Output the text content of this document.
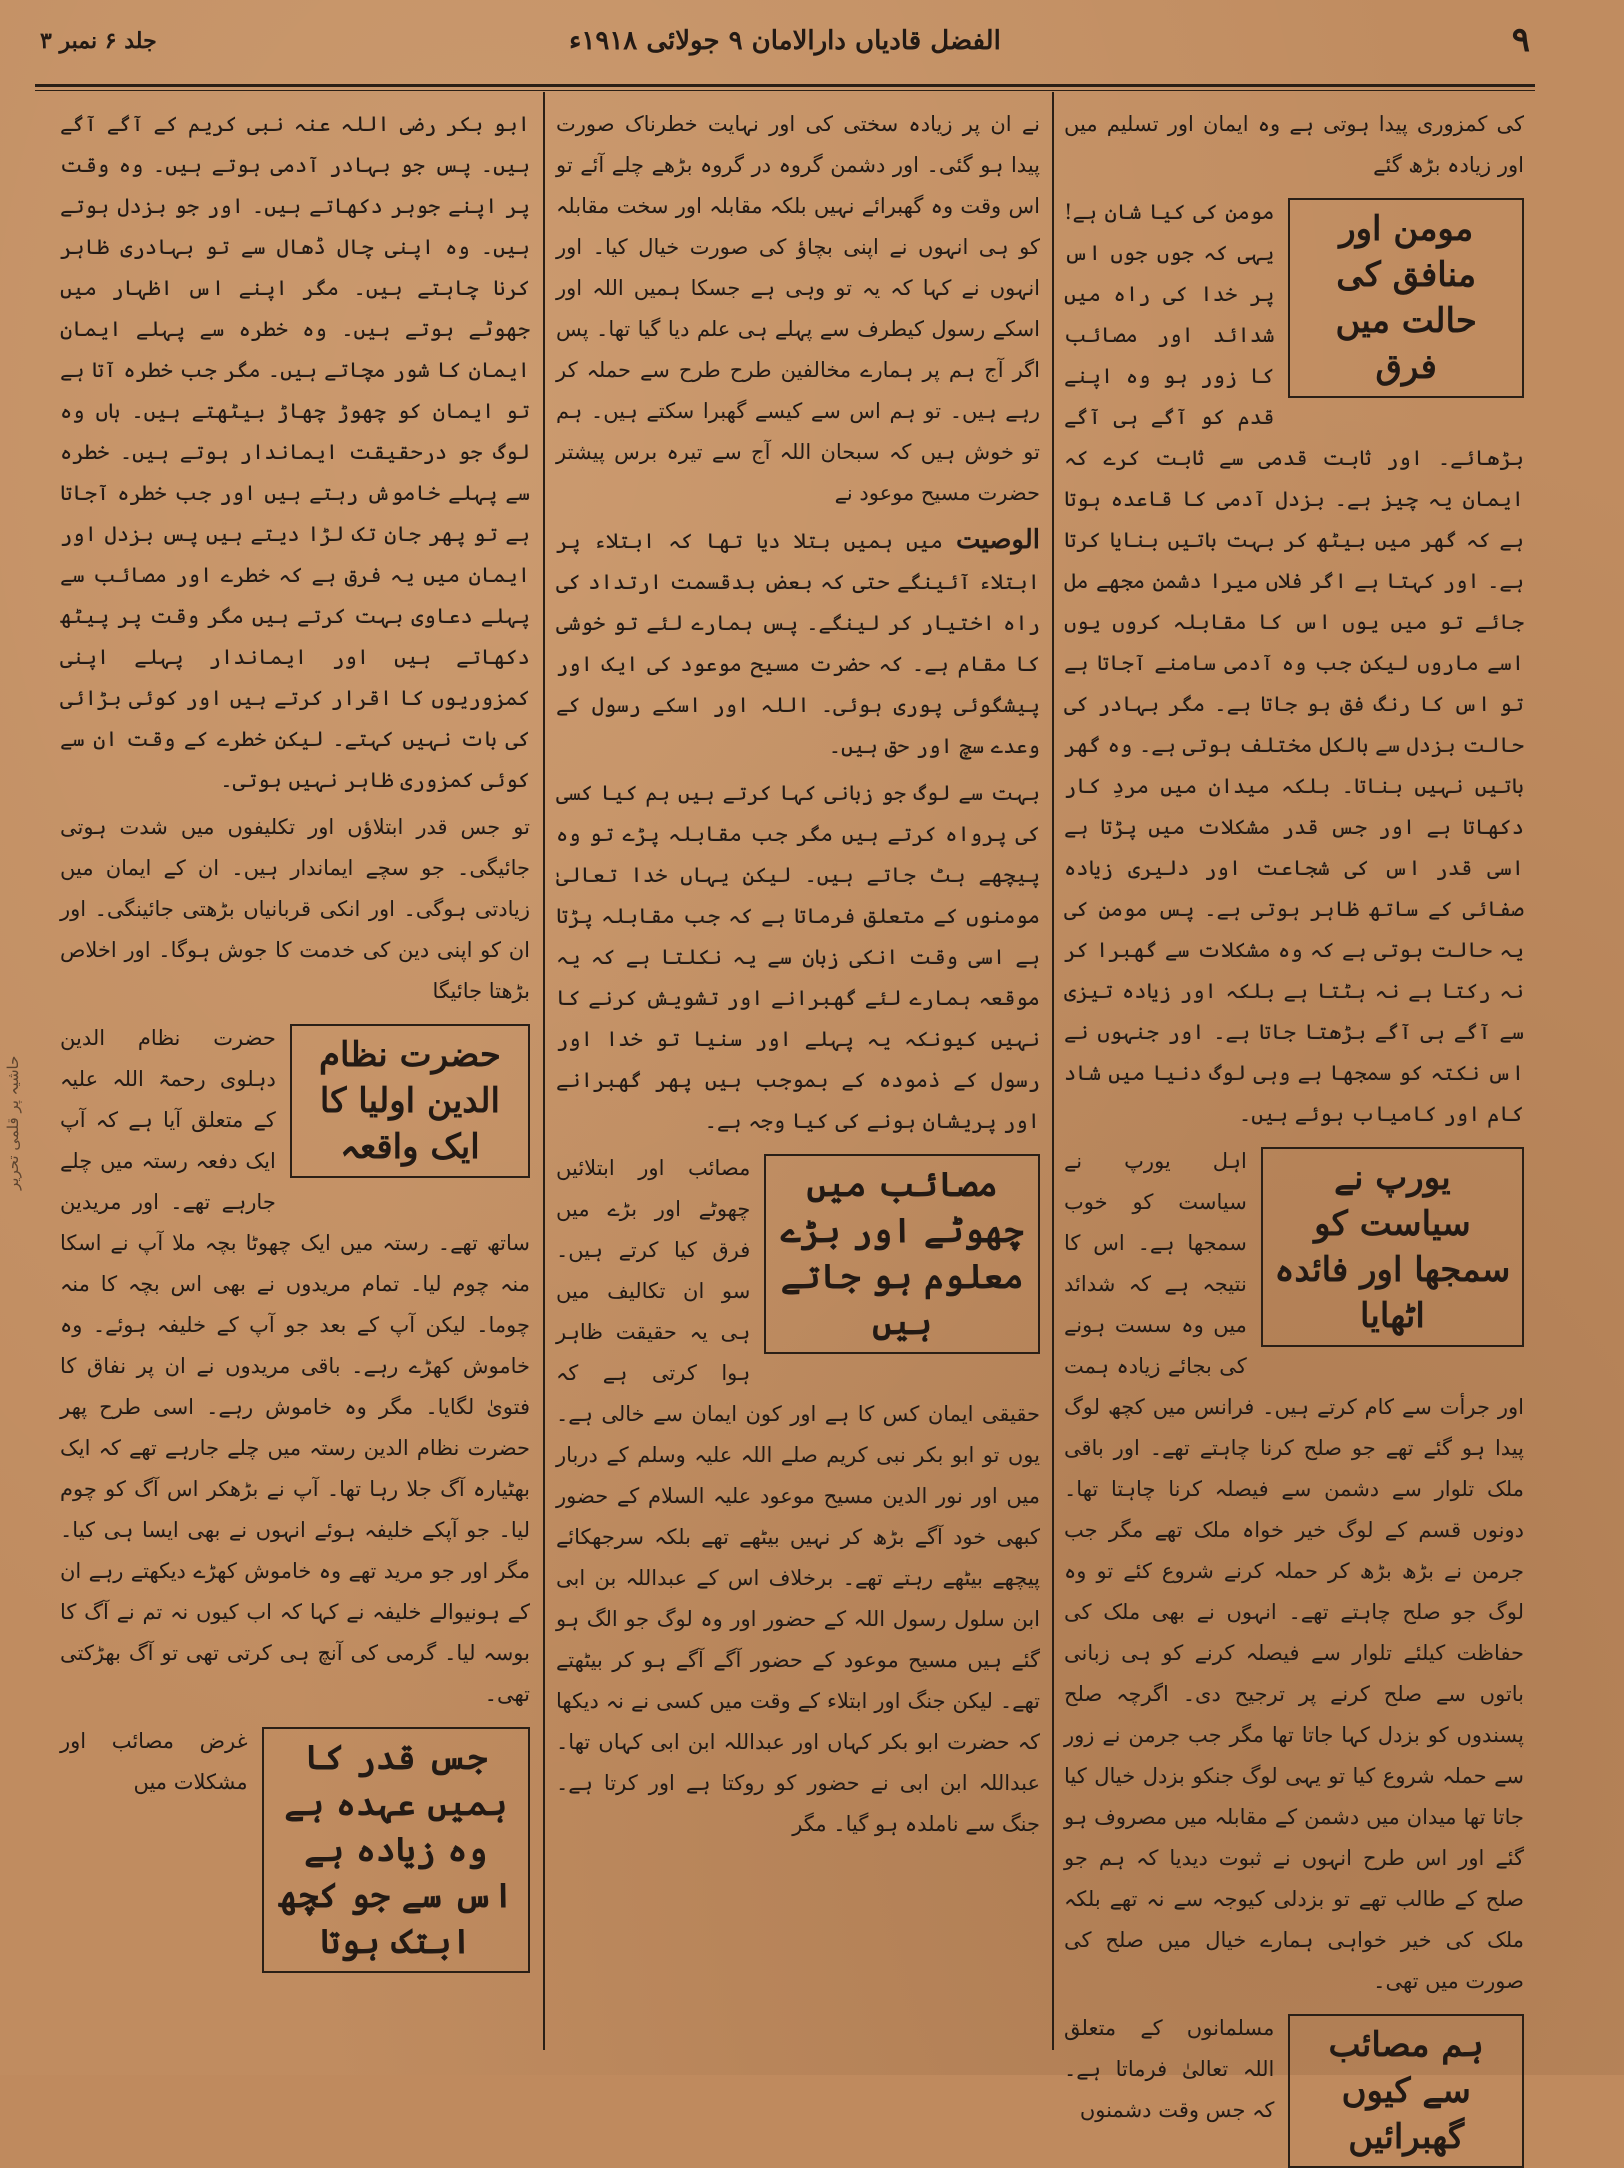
۹
الفضل قادیاں دارالامان ۹ جولائی ۱۹۱۸ء
جلد ۶ نمبر ۳

کی کمزوری پیدا ہوتی ہے وہ ایمان اور تسلیم میں اور زیادہ بڑھ گئے

مومن اور منافق کی حالت میں فرق

مومن کی کیا شان ہے! یہی کہ جوں جوں اس پر خدا کی راہ میں شدائد اور مصائب کا زور ہو وہ اپنے قدم کو آگے ہی آگے بڑھائے۔ اور ثابت قدمی سے ثابت کرے کہ ایمان یہ چیز ہے۔ بزدل آدمی کا قاعدہ ہوتا ہے کہ گھر میں بیٹھ کر بہت باتیں بنایا کرتا ہے۔ اور کہتا ہے اگر فلاں میرا دشمن مجھے مل جائے تو میں یوں اس کا مقابلہ کروں یوں اسے ماروں لیکن جب وہ آدمی سامنے آجاتا ہے تو اس کا رنگ فق ہو جاتا ہے۔ مگر بہادر کی حالت بزدل سے بالکل مختلف ہوتی ہے۔ وہ گھر باتیں نہیں بناتا۔ بلکہ میدان میں مردِ کار دکھاتا ہے اور جس قدر مشکلات میں پڑتا ہے اسی قدر اس کی شجاعت اور دلیری زیادہ صفائی کے ساتھ ظاہر ہوتی ہے۔ پس مومن کی یہ حالت ہوتی ہے کہ وہ مشکلات سے گھبرا کر نہ رکتا ہے نہ ہٹتا ہے بلکہ اور زیادہ تیزی سے آگے ہی آگے بڑھتا جاتا ہے۔ اور جنہوں نے اس نکتہ کو سمجھا ہے وہی لوگ دنیا میں شاد کام اور کامیاب ہوئے ہیں۔

یورپ نے سیاست کو سمجھا اور فائدہ اٹھایا

اہل یورپ نے سیاست کو خوب سمجھا ہے۔ اس کا نتیجہ ہے کہ شدائد میں وہ سست ہونے کی بجائے زیادہ ہمت اور جرأت سے کام کرتے ہیں۔ فرانس میں کچھ لوگ پیدا ہو گئے تھے جو صلح کرنا چاہتے تھے۔ اور باقی ملک تلوار سے دشمن سے فیصلہ کرنا چاہتا تھا۔ دونوں قسم کے لوگ خیر خواہ ملک تھے مگر جب جرمن نے بڑھ بڑھ کر حملہ کرنے شروع کئے تو وہ لوگ جو صلح چاہتے تھے۔ انہوں نے بھی ملک کی حفاظت کیلئے تلوار سے فیصلہ کرنے کو ہی زبانی باتوں سے صلح کرنے پر ترجیح دی۔ اگرچہ صلح پسندوں کو بزدل کہا جاتا تھا مگر جب جرمن نے زور سے حملہ شروع کیا تو یہی لوگ جنکو بزدل خیال کیا جاتا تھا میدان میں دشمن کے مقابلہ میں مصروف ہو گئے اور اس طرح انہوں نے ثبوت دیدیا کہ ہم جو صلح کے طالب تھے تو بزدلی کیوجہ سے نہ تھے بلکہ ملک کی خیر خواہی ہمارے خیال میں صلح کی صورت میں تھی۔

ہم مصائب سے کیوں گھبرائیں

مسلمانوں کے متعلق اللہ تعالیٰ فرماتا ہے۔ کہ جس وقت دشمنوں

نے ان پر زیادہ سختی کی اور نہایت خطرناک صورت پیدا ہو گئی۔ اور دشمن گروہ در گروہ بڑھے چلے آئے تو اس وقت وہ گھبرائے نہیں بلکہ مقابلہ اور سخت مقابلہ کو ہی انہوں نے اپنی بچاؤ کی صورت خیال کیا۔ اور انہوں نے کہا کہ یہ تو وہی ہے جسکا ہمیں اللہ اور اسکے رسول کیطرف سے پہلے ہی علم دیا گیا تھا۔ پس اگر آج ہم پر ہمارے مخالفین طرح طرح سے حملہ کر رہے ہیں۔ تو ہم اس سے کیسے گھبرا سکتے ہیں۔ ہم تو خوش ہیں کہ سبحان اللہ آج سے تیرہ برس پیشتر حضرت مسیح موعود نے

الوصیت میں ہمیں بتلا دیا تھا کہ ابتلاء پر ابتلاء آئینگے حتی کہ بعض بدقسمت ارتداد کی راہ اختیار کر لینگے۔ پس ہمارے لئے تو خوشی کا مقام ہے۔ کہ حضرت مسیح موعود کی ایک اور پیشگوئی پوری ہوئی۔ اللہ اور اسکے رسول کے وعدے سچ اور حق ہیں۔

بہت سے لوگ جو زبانی کہا کرتے ہیں ہم کیا کسی کی پرواہ کرتے ہیں مگر جب مقابلہ پڑے تو وہ پیچھے ہٹ جاتے ہیں۔ لیکن یہاں خدا تعالیٰ مومنوں کے متعلق فرماتا ہے کہ جب مقابلہ پڑتا ہے اسی وقت انکی زبان سے یہ نکلتا ہے کہ یہ موقعہ ہمارے لئے گھبرانے اور تشویش کرنے کا نہیں کیونکہ یہ پہلے اور سنیا تو خدا اور رسول کے ذمودہ کے بموجب ہیں پھر گھبرانے اور پریشان ہونے کی کیا وجہ ہے۔

مصائب میں چھوٹے اور بڑے معلوم ہو جاتے ہیں

مصائب اور ابتلائیں چھوٹے اور بڑے میں فرق کیا کرتے ہیں۔ سو ان تکالیف میں ہی یہ حقیقت ظاہر ہوا کرتی ہے کہ حقیقی ایمان کس کا ہے اور کون ایمان سے خالی ہے۔ یوں تو ابو بکر نبی کریم صلے اللہ علیہ وسلم کے دربار میں اور نور الدین مسیح موعود علیہ السلام کے حضور کبھی خود آگے بڑھ کر نہیں بیٹھے تھے بلکہ سرجھکائے پیچھے بیٹھے رہتے تھے۔ برخلاف اس کے عبداللہ بن ابی ابن سلول رسول اللہ کے حضور اور وہ لوگ جو الگ ہو گئے ہیں مسیح موعود کے حضور آگے آگے ہو کر بیٹھتے تھے۔ لیکن جنگ اور ابتلاء کے وقت میں کسی نے نہ دیکھا کہ حضرت ابو بکر کہاں اور عبداللہ ابن ابی کہاں تھا۔ عبداللہ ابن ابی نے حضور کو روکتا ہے اور کرتا ہے۔ جنگ سے ناملدہ ہو گیا۔ مگر

ابو بکر رضی اللہ عنہ نبی کریم کے آگے آگے ہیں۔ پس جو بہادر آدمی ہوتے ہیں۔ وہ وقت پر اپنے جوہر دکھاتے ہیں۔ اور جو بزدل ہوتے ہیں۔ وہ اپنی چال ڈھال سے تو بہادری ظاہر کرنا چاہتے ہیں۔ مگر اپنے اس اظہار میں جھوٹے ہوتے ہیں۔ وہ خطرہ سے پہلے ایمان ایمان کا شور مچاتے ہیں۔ مگر جب خطرہ آتا ہے تو ایمان کو چھوڑ چھاڑ بیٹھتے ہیں۔ ہاں وہ لوگ جو درحقیقت ایماندار ہوتے ہیں۔ خطرہ سے پہلے خاموش رہتے ہیں اور جب خطرہ آجاتا ہے تو پھر جان تک لڑا دیتے ہیں پس بزدل اور ایمان میں یہ فرق ہے کہ خطرے اور مصائب سے پہلے دعاوی بہت کرتے ہیں مگر وقت پر پیٹھ دکھاتے ہیں اور ایماندار پہلے اپنی کمزوریوں کا اقرار کرتے ہیں اور کوئی بڑائی کی بات نہیں کہتے۔ لیکن خطرے کے وقت ان سے کوئی کمزوری ظاہر نہیں ہوتی۔

تو جس قدر ابتلاؤں اور تکلیفوں میں شدت ہوتی جائیگی۔ جو سچے ایماندار ہیں۔ ان کے ایمان میں زیادتی ہوگی۔ اور انکی قربانیاں بڑھتی جائینگی۔ اور ان کو اپنی دین کی خدمت کا جوش ہوگا۔ اور اخلاص بڑھتا جائیگا

حضرت نظام الدین اولیا کا ایک واقعہ

حضرت نظام الدین دہلوی رحمۃ اللہ علیہ کے متعلق آیا ہے کہ آپ ایک دفعہ رستہ میں چلے جارہے تھے۔ اور مریدین ساتھ تھے۔ رستہ میں ایک چھوٹا بچہ ملا آپ نے اسکا منہ چوم لیا۔ تمام مریدوں نے بھی اس بچہ کا منہ چوما۔ لیکن آپ کے بعد جو آپ کے خلیفہ ہوئے۔ وہ خاموش کھڑے رہے۔ باقی مریدوں نے ان پر نفاق کا فتویٰ لگایا۔ مگر وہ خاموش رہے۔ اسی طرح پھر حضرت نظام الدین رستہ میں چلے جارہے تھے کہ ایک بھٹیارہ آگ جلا رہا تھا۔ آپ نے بڑھکر اس آگ کو چوم لیا۔ جو آپکے خلیفہ ہوئے انہوں نے بھی ایسا ہی کیا۔ مگر اور جو مرید تھے وہ خاموش کھڑے دیکھتے رہے ان کے ہونیوالے خلیفہ نے کہا کہ اب کیوں نہ تم نے آگ کا بوسہ لیا۔ گرمی کی آنچ ہی کرتی تھی تو آگ بھڑکتی تھی۔

جس قدر کا ہمیں عہدہ ہے وہ زیادہ ہے اس سے جو کچھ ابتک ہوتا

غرض مصائب اور مشکلات میں

حاشیہ پر قلمی تحریر
